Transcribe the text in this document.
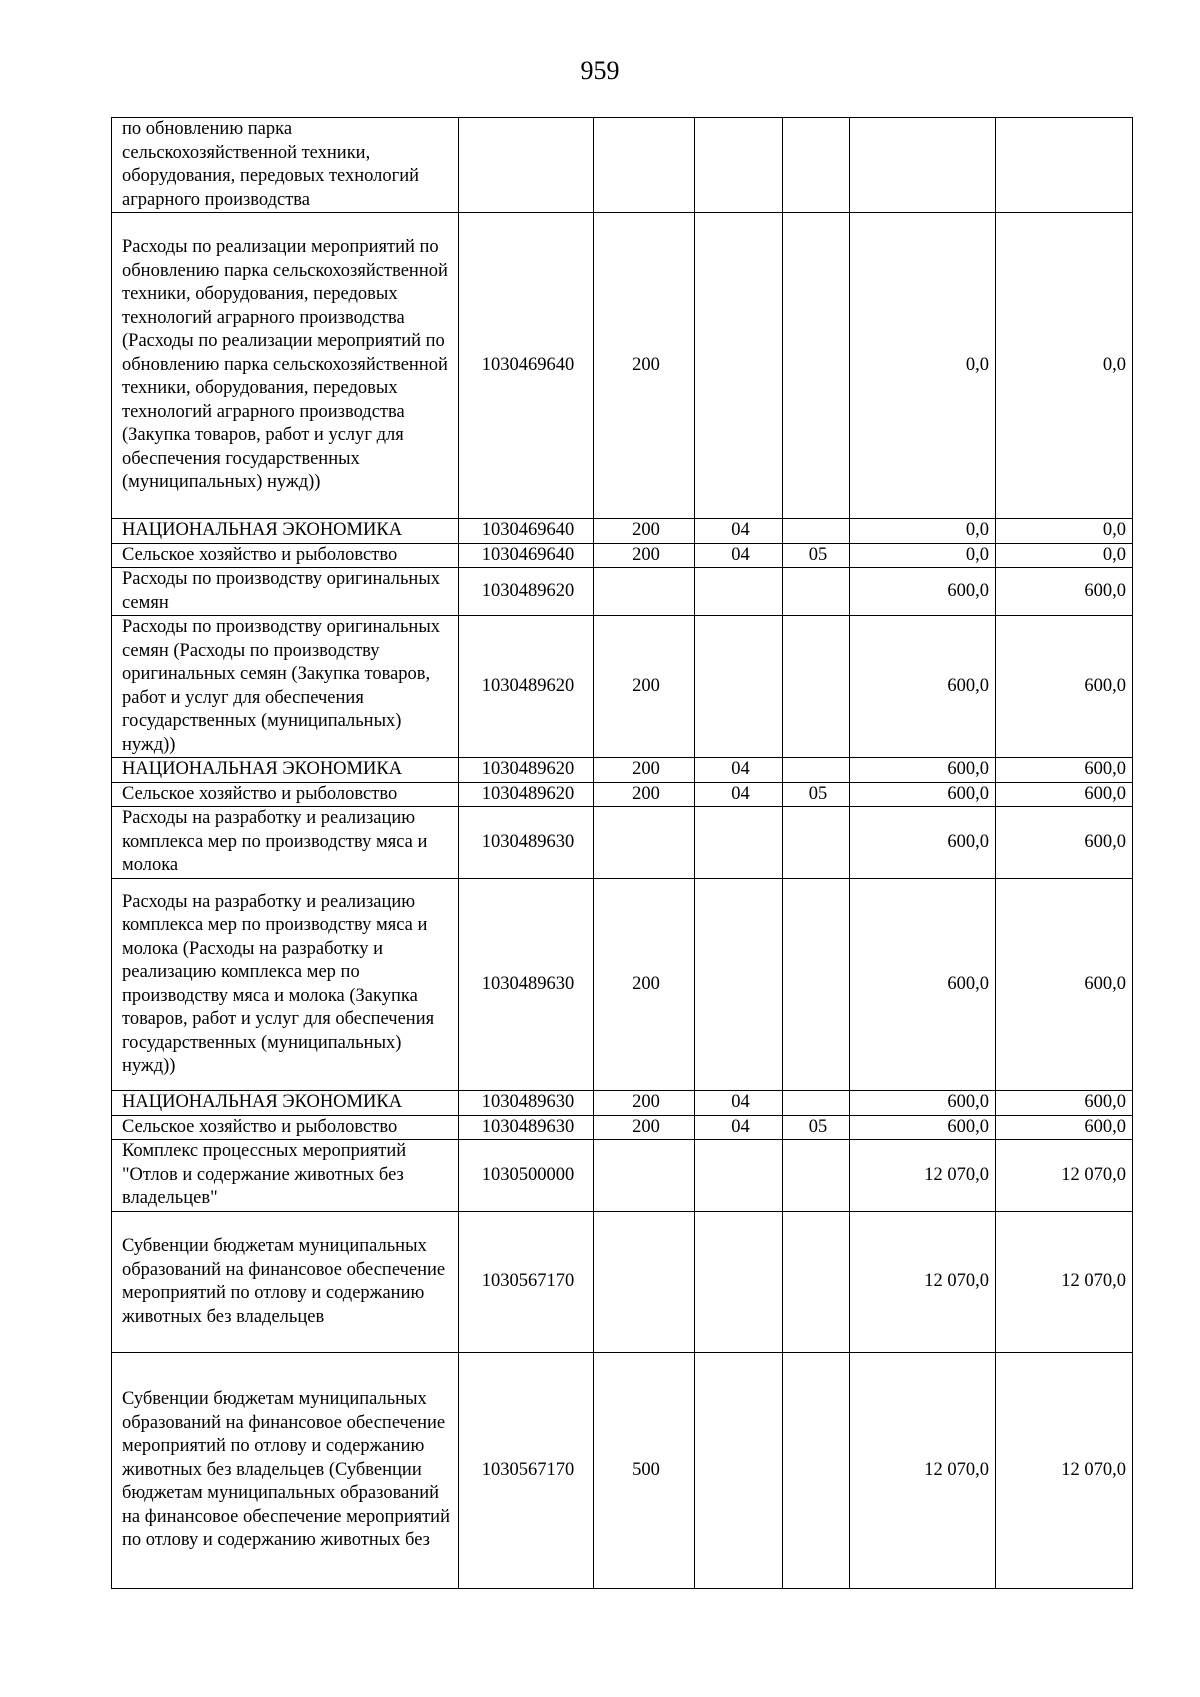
959
по обновлению парка сельскохозяйственной техники, оборудования, передовых технологий аграрного производства						
Расходы по реализации мероприятий по обновлению парка сельскохозяйственной техники, оборудования, передовых технологий аграрного производства (Расходы по реализации мероприятий по обновлению парка сельскохозяйственной техники, оборудования, передовых технологий аграрного производства (Закупка товаров, работ и услуг для обеспечения государственных (муниципальных) нужд))	1030469640	200			0,0	0,0
НАЦИОНАЛЬНАЯ ЭКОНОМИКА	1030469640	200	04		0,0	0,0
Сельское хозяйство и рыболовство	1030469640	200	04	05	0,0	0,0
Расходы по производству оригинальных семян	1030489620				600,0	600,0
Расходы по производству оригинальных семян (Расходы по производству оригинальных семян (Закупка товаров, работ и услуг для обеспечения государственных (муниципальных) нужд))	1030489620	200			600,0	600,0
НАЦИОНАЛЬНАЯ ЭКОНОМИКА	1030489620	200	04		600,0	600,0
Сельское хозяйство и рыболовство	1030489620	200	04	05	600,0	600,0
Расходы на разработку и реализацию комплекса мер по производству мяса и молока	1030489630				600,0	600,0
Расходы на разработку и реализацию комплекса мер по производству мяса и молока (Расходы на разработку и реализацию комплекса мер по производству мяса и молока (Закупка товаров, работ и услуг для обеспечения государственных (муниципальных) нужд))	1030489630	200			600,0	600,0
НАЦИОНАЛЬНАЯ ЭКОНОМИКА	1030489630	200	04		600,0	600,0
Сельское хозяйство и рыболовство	1030489630	200	04	05	600,0	600,0
Комплекс процессных мероприятий "Отлов и содержание животных без владельцев"	1030500000				12 070,0	12 070,0
Субвенции бюджетам муниципальных образований на финансовое обеспечение мероприятий по отлову и содержанию животных без владельцев	1030567170				12 070,0	12 070,0
Субвенции бюджетам муниципальных образований на финансовое обеспечение мероприятий по отлову и содержанию животных без владельцев (Субвенции бюджетам муниципальных образований на финансовое обеспечение мероприятий по отлову и содержанию животных без	1030567170	500			12 070,0	12 070,0
